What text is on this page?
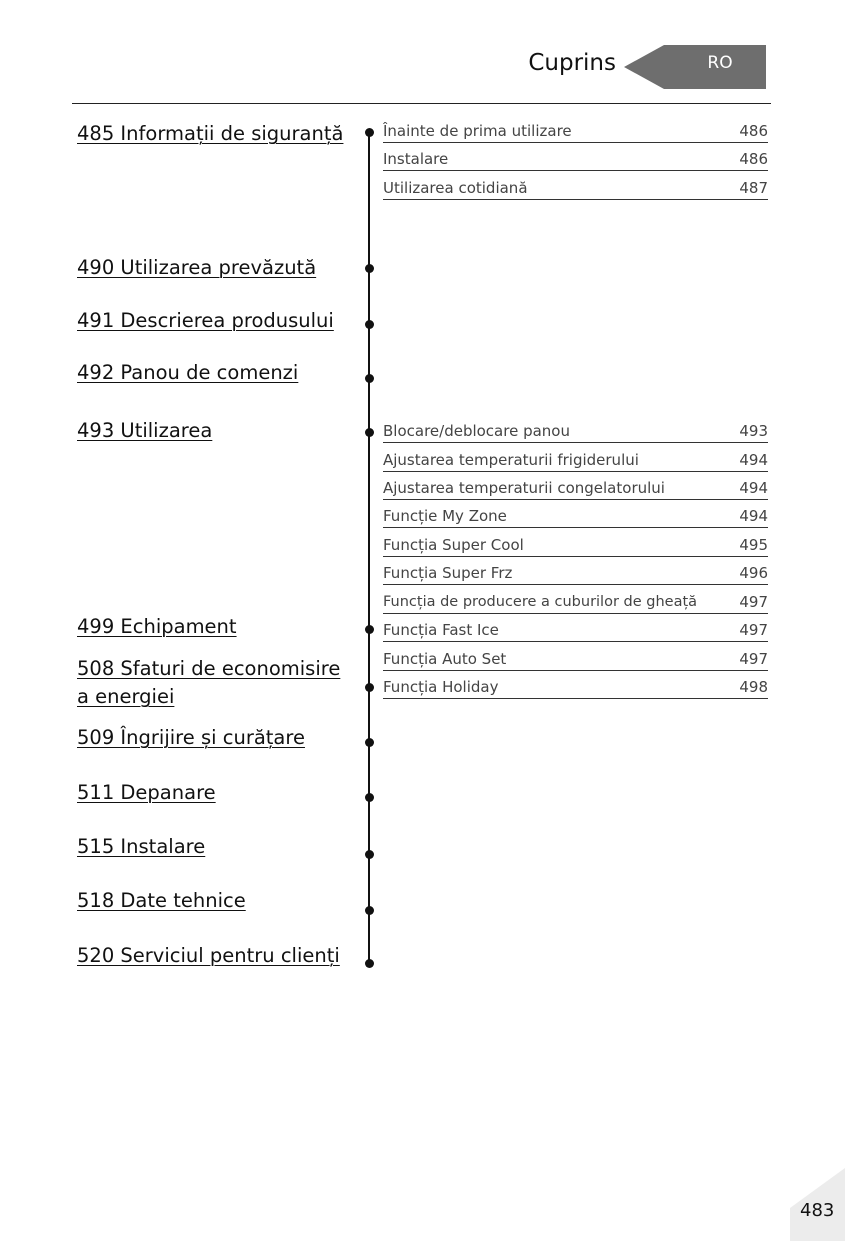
Cuprins	RO
485 Informații de siguranță
490 Utilizarea prevăzută
491 Descrierea produsului
492 Panou de comenzi
493 Utilizarea
499 Echipament
508 Sfaturi de economisire a energiei
509 Îngrijire și curățare
511 Depanare
515 Instalare
518 Date tehnice
520 Serviciul pentru clienți
Înainte de prima utilizare	486
Instalare	486
Utilizarea cotidiană	487
Blocare/deblocare panou	493
Ajustarea temperaturii frigiderului	494
Ajustarea temperaturii congelatorului	494
Funcție My Zone	494
Funcția Super Cool	495
Funcția Super Frz	496
Funcția de producere a cuburilor de gheață	497
Funcția Fast Ice	497
Funcția Auto Set	497
Funcția Holiday	498
483
